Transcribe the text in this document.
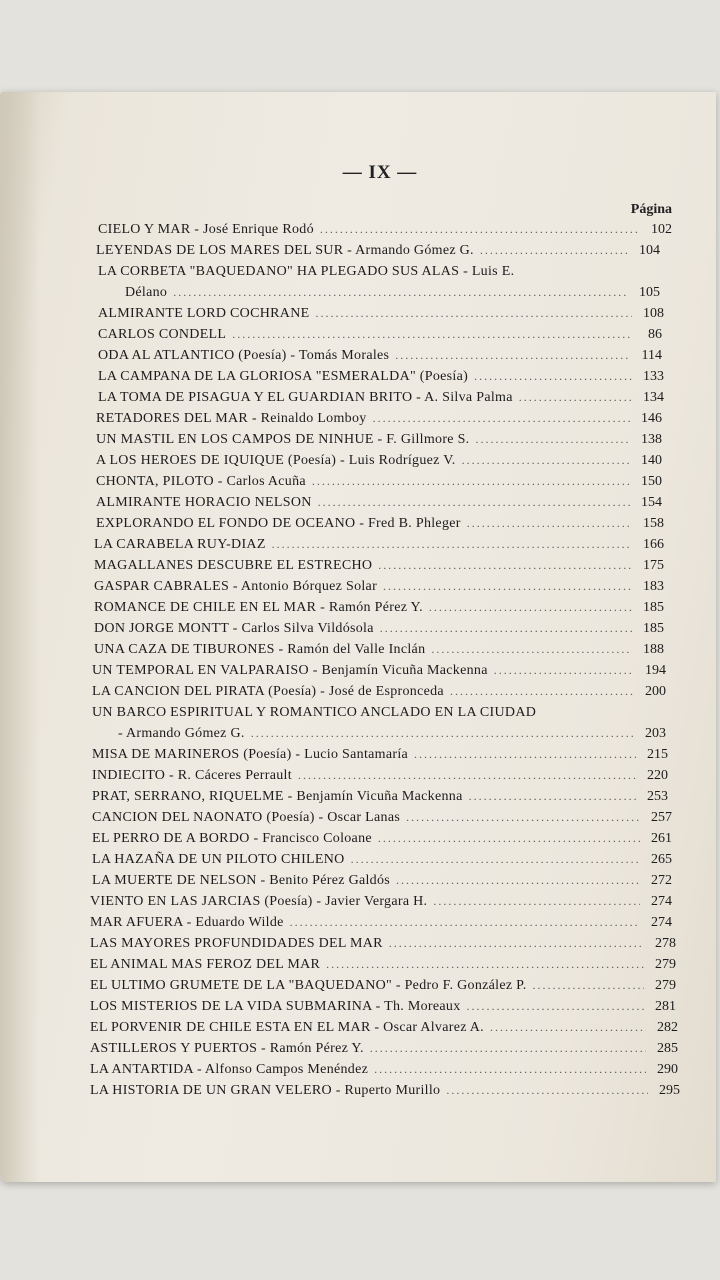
— IX —
Página
CIELO Y MAR - José Enrique Rodó .....	102
LEYENDAS DE LOS MARES DEL SUR - Armando Gómez G. .....	104
LA CORBETA "BAQUEDANO" HA PLEGADO SUS ALAS - Luis E.
Délano .....	105
ALMIRANTE LORD COCHRANE .....	108
CARLOS CONDELL .....	86
ODA AL ATLANTICO (Poesía) - Tomás Morales .....	114
LA CAMPANA DE LA GLORIOSA "ESMERALDA" (Poesía) .....	133
LA TOMA DE PISAGUA Y EL GUARDIAN BRITO - A. Silva Palma .....	134
RETADORES DEL MAR - Reinaldo Lomboy .....	146
UN MASTIL EN LOS CAMPOS DE NINHUE - F. Gillmore S. .....	138
A LOS HEROES DE IQUIQUE (Poesía) - Luis Rodríguez V. .....	140
CHONTA, PILOTO - Carlos Acuña .....	150
ALMIRANTE HORACIO NELSON .....	154
EXPLORANDO EL FONDO DE OCEANO - Fred B. Phleger .....	158
LA CARABELA RUY-DIAZ .....	166
MAGALLANES DESCUBRE EL ESTRECHO .....	175
GASPAR CABRALES - Antonio Bórquez Solar .....	183
ROMANCE DE CHILE EN EL MAR - Ramón Pérez Y. .....	185
DON JORGE MONTT - Carlos Silva Vildósola .....	185
UNA CAZA DE TIBURONES - Ramón del Valle Inclán .....	188
UN TEMPORAL EN VALPARAISO - Benjamín Vicuña Mackenna .....	194
LA CANCION DEL PIRATA (Poesía) - José de Espronceda .....	200
UN BARCO ESPIRITUAL Y ROMANTICO ANCLADO EN LA CIUDAD
- Armando Gómez G. .....	203
MISA DE MARINEROS (Poesía) - Lucio Santamaría .....	215
INDIECITO - R. Cáceres Perrault .....	220
PRAT, SERRANO, RIQUELME - Benjamín Vicuña Mackenna .....	253
CANCION DEL NAONATO (Poesía) - Oscar Lanas .....	257
EL PERRO DE A BORDO - Francisco Coloane .....	261
LA HAZAÑA DE UN PILOTO CHILENO .....	265
LA MUERTE DE NELSON - Benito Pérez Galdós .....	272
VIENTO EN LAS JARCIAS (Poesía) - Javier Vergara H. .....	274
MAR AFUERA - Eduardo Wilde .....	274
LAS MAYORES PROFUNDIDADES DEL MAR .....	278
EL ANIMAL MAS FEROZ DEL MAR .....	279
EL ULTIMO GRUMETE DE LA "BAQUEDANO" - Pedro F. González P. .....	279
LOS MISTERIOS DE LA VIDA SUBMARINA - Th. Moreaux .....	281
EL PORVENIR DE CHILE ESTA EN EL MAR - Oscar Alvarez A. .....	282
ASTILLEROS Y PUERTOS - Ramón Pérez Y. .....	285
LA ANTARTIDA - Alfonso Campos Menéndez .....	290
LA HISTORIA DE UN GRAN VELERO - Ruperto Murillo .....	295
